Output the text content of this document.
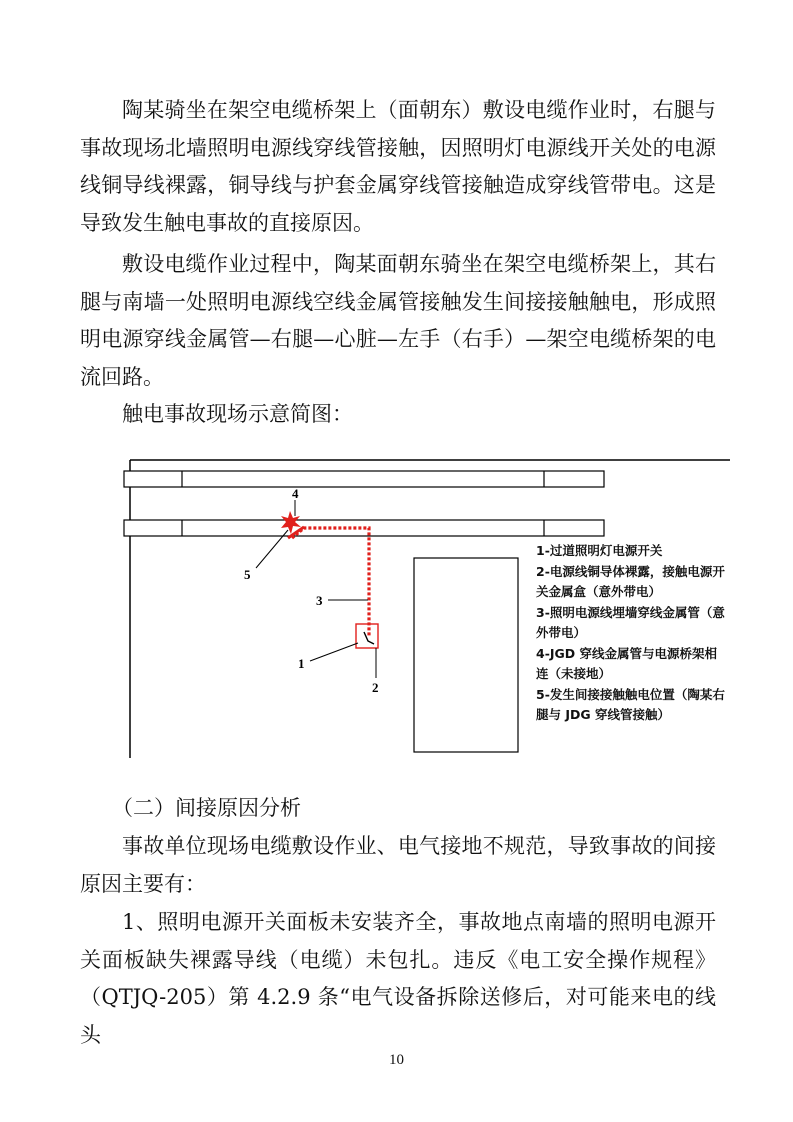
陶某骑坐在架空电缆桥架上（面朝东）敷设电缆作业时，右腿与事故现场北墙照明电源线穿线管接触，因照明灯电源线开关处的电源线铜导线裸露，铜导线与护套金属穿线管接触造成穿线管带电。这是导致发生触电事故的直接原因。

敷设电缆作业过程中，陶某面朝东骑坐在架空电缆桥架上，其右腿与南墙一处照明电源线空线金属管接触发生间接接触触电，形成照明电源穿线金属管—右腿—心脏—左手（右手）—架空电缆桥架的电流回路。

触电事故现场示意简图：

4
5
3
1
2

1-过道照明灯电源开关

2-电源线铜导体裸露，接触电源开关金属盒（意外带电）

3-照明电源线埋墙穿线金属管（意外带电）

4-JGD 穿线金属管与电源桥架相连（未接地）

5-发生间接接触触电位置（陶某右腿与 JDG 穿线管接触）

（二）间接原因分析

事故单位现场电缆敷设作业、电气接地不规范，导致事故的间接原因主要有：

1、照明电源开关面板未安装齐全，事故地点南墙的照明电源开关面板缺失裸露导线（电缆）未包扎。违反《电工安全操作规程》（QTJQ-205）第 4.2.9 条“电气设备拆除送修后，对可能来电的线头

10
